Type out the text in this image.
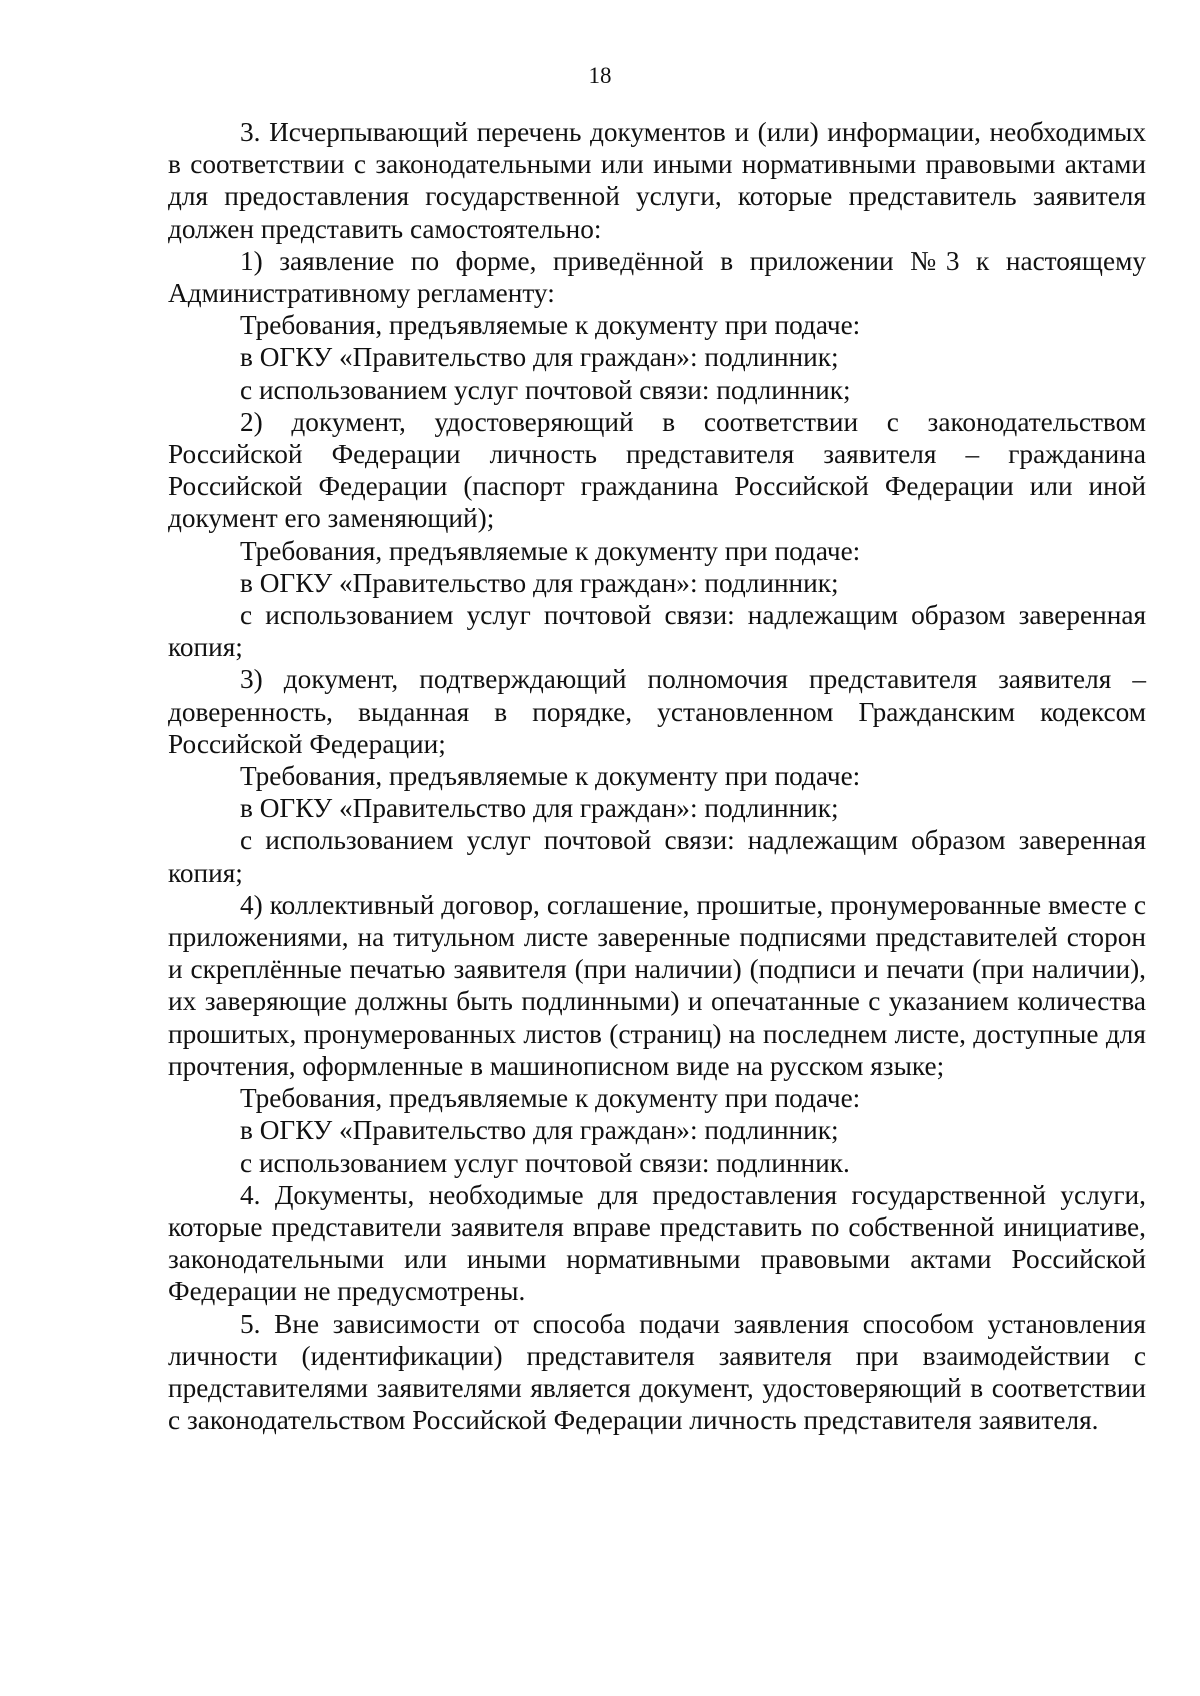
18

3. Исчерпывающий перечень документов и (или) информации, необходимых в соответствии с законодательными или иными нормативными правовыми актами для предоставления государственной услуги, которые представитель заявителя должен представить самостоятельно:

1) заявление по форме, приведённой в приложении №3 к настоящему Административному регламенту:

Требования, предъявляемые к документу при подаче:

в ОГКУ «Правительство для граждан»: подлинник;

с использованием услуг почтовой связи: подлинник;

2) документ, удостоверяющий в соответствии с законодательством Российской Федерации личность представителя заявителя – гражданина Российской Федерации (паспорт гражданина Российской Федерации или иной документ его заменяющий);

Требования, предъявляемые к документу при подаче:

в ОГКУ «Правительство для граждан»: подлинник;

с использованием услуг почтовой связи: надлежащим образом заверенная копия;

3) документ, подтверждающий полномочия представителя заявителя – доверенность, выданная в порядке, установленном Гражданским кодексом Российской Федерации;

Требования, предъявляемые к документу при подаче:

в ОГКУ «Правительство для граждан»: подлинник;

с использованием услуг почтовой связи: надлежащим образом заверенная копия;

4) коллективный договор, соглашение, прошитые, пронумерованные вместе с приложениями, на титульном листе заверенные подписями представителей сторон и скреплённые печатью заявителя (при наличии) (подписи и печати (при наличии), их заверяющие должны быть подлинными) и опечатанные с указанием количества прошитых, пронумерованных листов (страниц) на последнем листе, доступные для прочтения, оформленные в машинописном виде на русском языке;

Требования, предъявляемые к документу при подаче:

в ОГКУ «Правительство для граждан»: подлинник;

с использованием услуг почтовой связи: подлинник.

4. Документы, необходимые для предоставления государственной услуги, которые представители заявителя вправе представить по собственной инициативе, законодательными или иными нормативными правовыми актами Российской Федерации не предусмотрены.

5. Вне зависимости от способа подачи заявления способом установления личности (идентификации) представителя заявителя при взаимодействии с представителями заявителями является документ, удостоверяющий в соответствии с законодательством Российской Федерации личность представителя заявителя.
